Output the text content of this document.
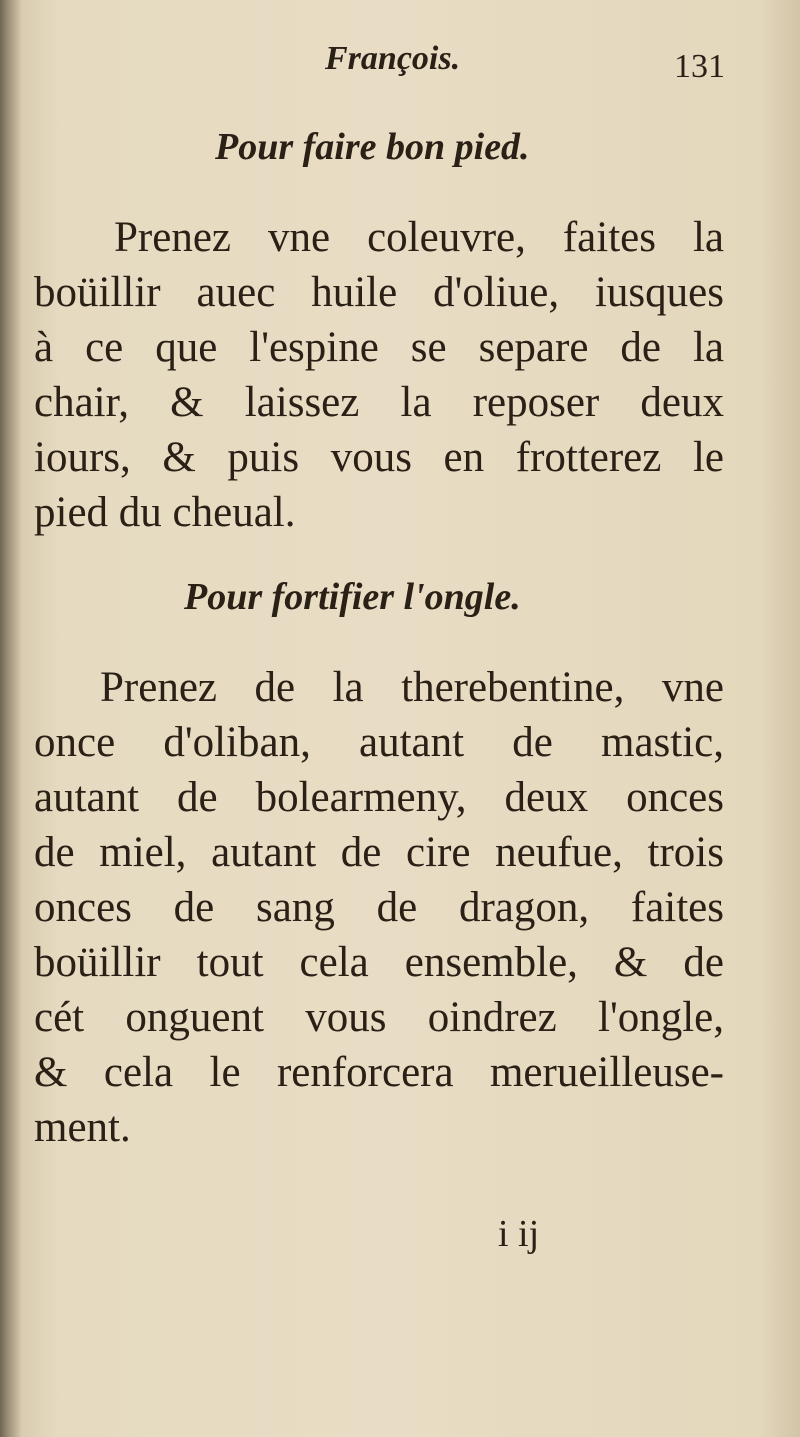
François.	131
Pour faire bon pied.
Prenez vne coleuvre, faites la
boüillir auec huile d'oliue, iusques
à ce que l'espine se separe de la
chair, & laissez la reposer deux
iours, & puis vous en frotterez le
pied du cheual.
Pour fortifier l'ongle.
Prenez de la therebentine, vne
once d'oliban, autant de mastic,
autant de bolearmeny, deux onces
de miel, autant de cire neufue, trois
onces de sang de dragon, faites
boüillir tout cela ensemble, & de
cét onguent vous oindrez l'ongle,
& cela le renforcera merueilleuse-
ment.
i ij
